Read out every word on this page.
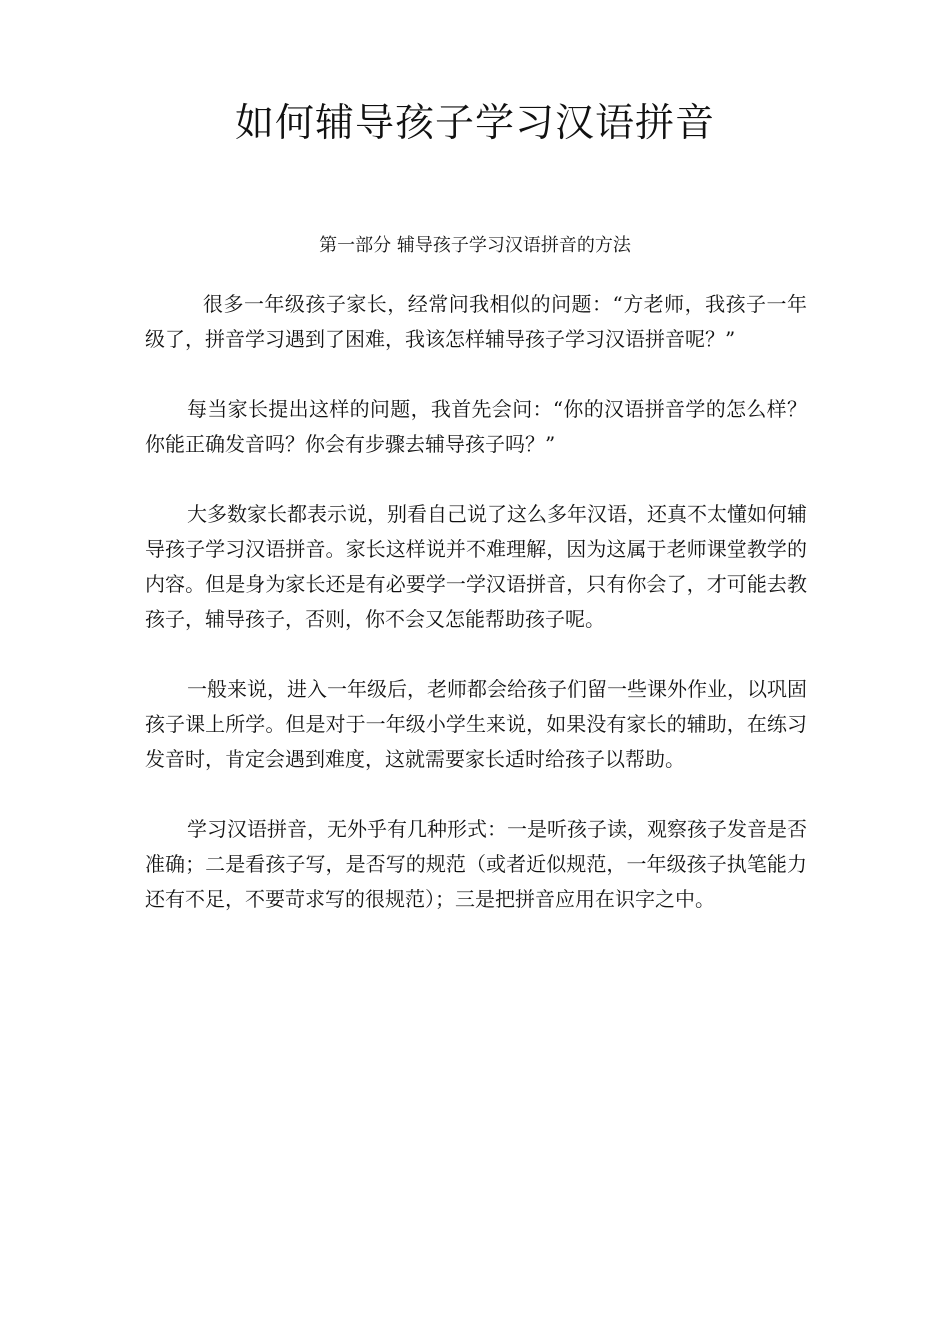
如何辅导孩子学习汉语拼音
第一部分 辅导孩子学习汉语拼音的方法

很多一年级孩子家长，经常问我相似的问题：“方老师，我孩子一年级了，拼音学习遇到了困难，我该怎样辅导孩子学习汉语拼音呢？”

每当家长提出这样的问题，我首先会问：“你的汉语拼音学的怎么样？你能正确发音吗？你会有步骤去辅导孩子吗？”

大多数家长都表示说，别看自己说了这么多年汉语，还真不太懂如何辅导孩子学习汉语拼音。家长这样说并不难理解，因为这属于老师课堂教学的内容。但是身为家长还是有必要学一学汉语拼音，只有你会了，才可能去教孩子，辅导孩子，否则，你不会又怎能帮助孩子呢。

一般来说，进入一年级后，老师都会给孩子们留一些课外作业，以巩固孩子课上所学。但是对于一年级小学生来说，如果没有家长的辅助，在练习发音时，肯定会遇到难度，这就需要家长适时给孩子以帮助。

学习汉语拼音，无外乎有几种形式：一是听孩子读，观察孩子发音是否准确；二是看孩子写，是否写的规范（或者近似规范，一年级孩子执笔能力还有不足，不要苛求写的很规范）；三是把拼音应用在识字之中。
